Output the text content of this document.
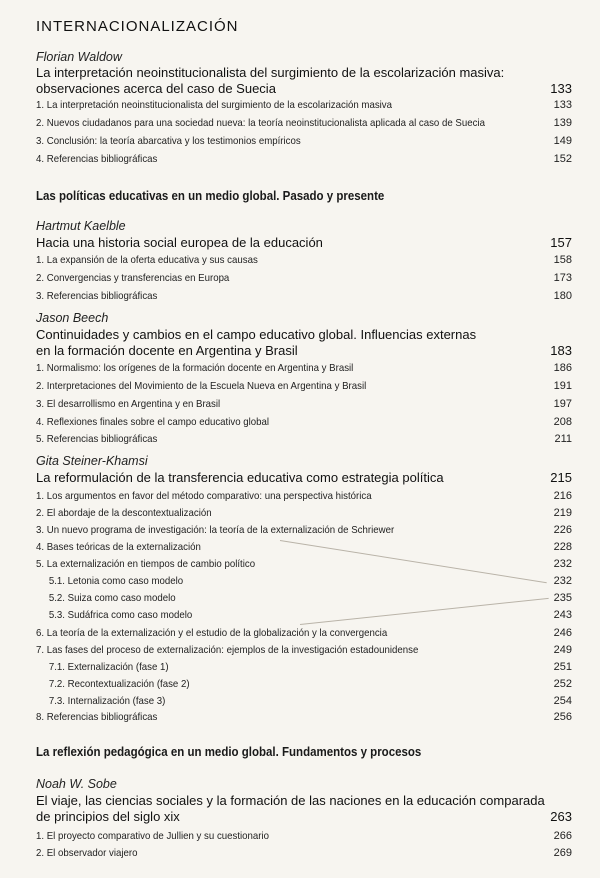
INTERNACIONALIZACIÓN
Florian Waldow
La interpretación neoinstitucionalista del surgimiento de la escolarización masiva:
observaciones acerca del caso de Suecia	133
1. La interpretación neoinstitucionalista del surgimiento de la escolarización masiva	133
2. Nuevos ciudadanos para una sociedad nueva: la teoría neoinstitucionalista aplicada al caso de Suecia	139
3. Conclusión: la teoría abarcativa y los testimonios empíricos	149
4. Referencias bibliográficas	152
Las políticas educativas en un medio global. Pasado y presente
Hartmut Kaelble
Hacia una historia social europea de la educación	157
1. La expansión de la oferta educativa y sus causas	158
2. Convergencias y transferencias en Europa	173
3. Referencias bibliográficas	180
Jason Beech
Continuidades y cambios en el campo educativo global. Influencias externas
en la formación docente en Argentina y Brasil	183
1. Normalismo: los orígenes de la formación docente en Argentina y Brasil	186
2. Interpretaciones del Movimiento de la Escuela Nueva en Argentina y Brasil	191
3. El desarrollismo en Argentina y en Brasil	197
4. Reflexiones finales sobre el campo educativo global	208
5. Referencias bibliográficas	211
Gita Steiner-Khamsi
La reformulación de la transferencia educativa como estrategia política	215
1. Los argumentos en favor del método comparativo: una perspectiva histórica	216
2. El abordaje de la descontextualización	219
3. Un nuevo programa de investigación: la teoría de la externalización de Schriewer	226
4. Bases teóricas de la externalización	228
5. La externalización en tiempos de cambio político	232
5.1. Letonia como caso modelo	232
5.2. Suiza como caso modelo	235
5.3. Sudáfrica como caso modelo	243
6. La teoría de la externalización y el estudio de la globalización y la convergencia	246
7. Las fases del proceso de externalización: ejemplos de la investigación estadounidense	249
7.1. Externalización (fase 1)	251
7.2. Recontextualización (fase 2)	252
7.3. Internalización (fase 3)	254
8. Referencias bibliográficas	256
La reflexión pedagógica en un medio global. Fundamentos y procesos
Noah W. Sobe
El viaje, las ciencias sociales y la formación de las naciones en la educación comparada
de principios del siglo xix	263
1. El proyecto comparativo de Jullien y su cuestionario	266
2. El observador viajero	269
